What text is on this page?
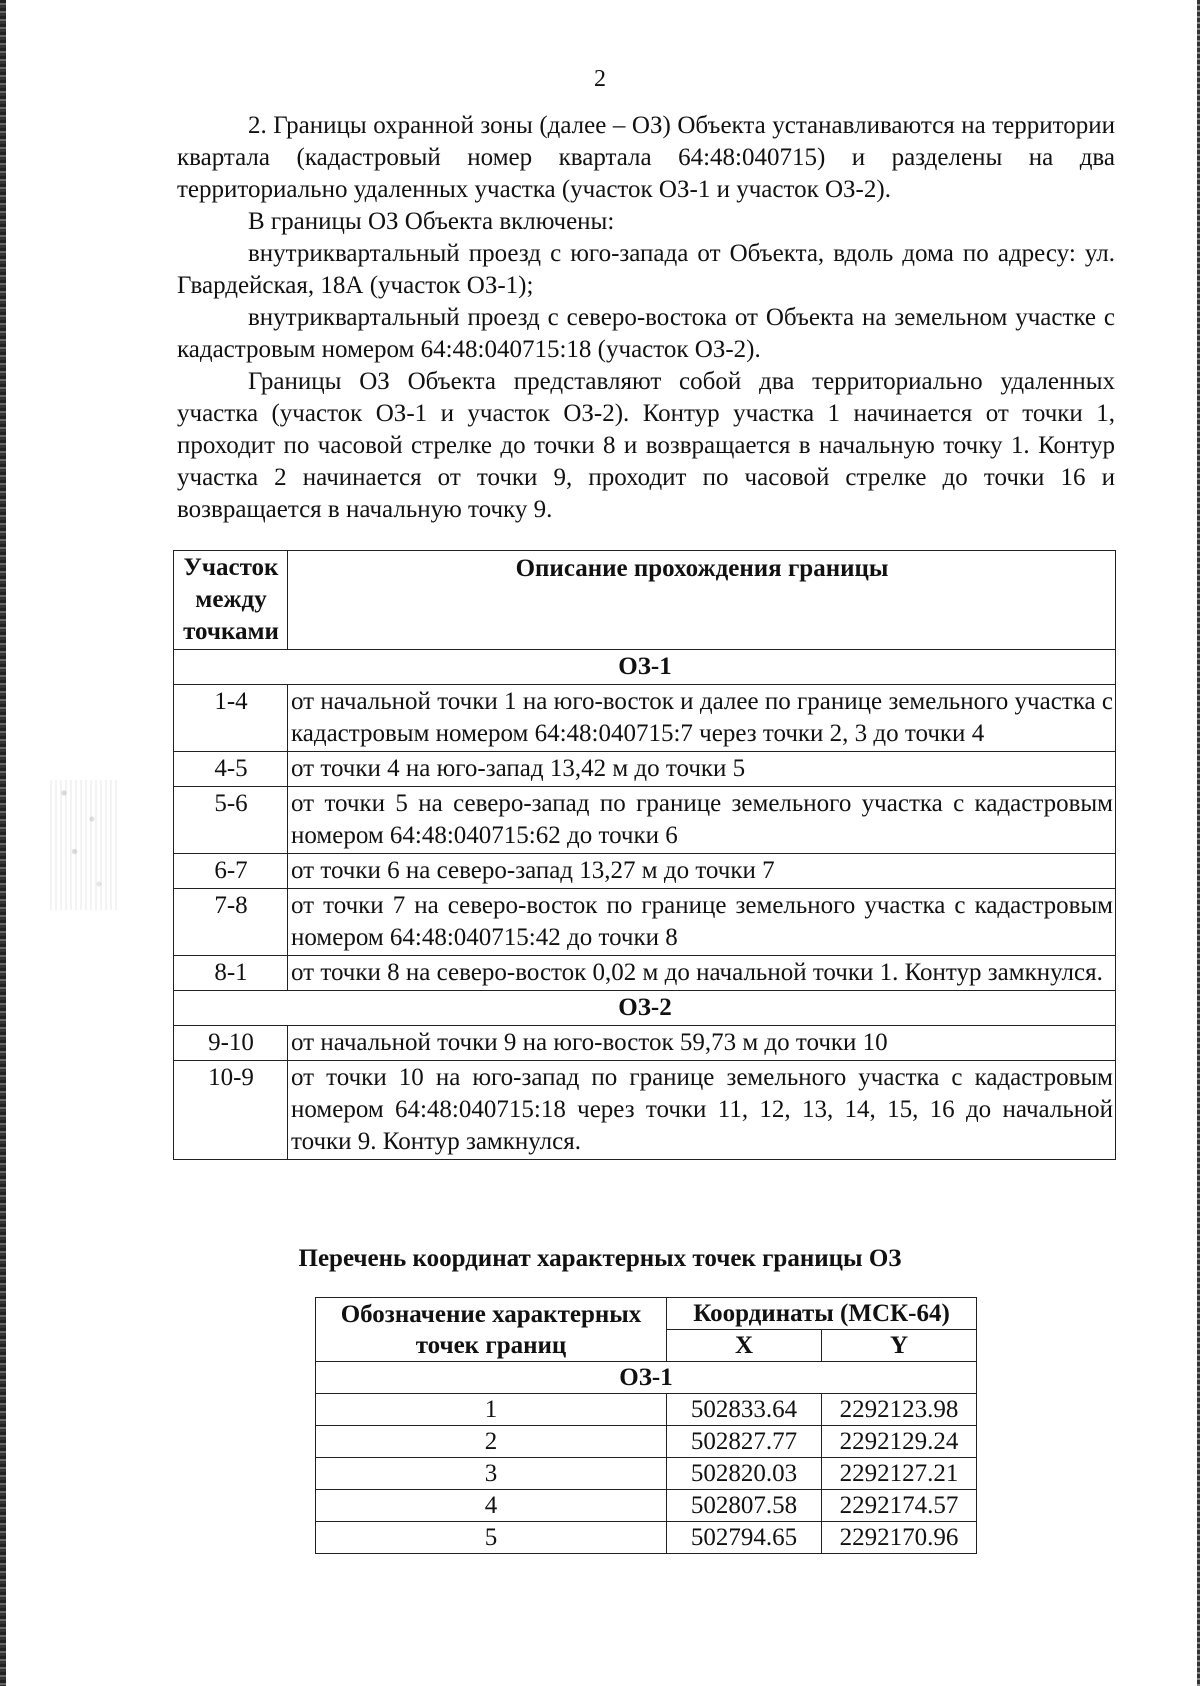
2

2. Границы охранной зоны (далее – ОЗ) Объекта устанавливаются на территории квартала (кадастровый номер квартала 64:48:040715) и разделены на два территориально удаленных участка (участок ОЗ-1 и участок ОЗ-2).

В границы ОЗ Объекта включены:

внутриквартальный проезд с юго-запада от Объекта, вдоль дома по адресу: ул. Гвардейская, 18А (участок ОЗ-1);

внутриквартальный проезд с северо-востока от Объекта на земельном участке с кадастровым номером 64:48:040715:18 (участок ОЗ-2).

Границы ОЗ Объекта представляют собой два территориально удаленных участка (участок ОЗ-1 и участок ОЗ-2). Контур участка 1 начинается от точки 1, проходит по часовой стрелке до точки 8 и возвращается в начальную точку 1. Контур участка 2 начинается от точки 9, проходит по часовой стрелке до точки 16 и возвращается в начальную точку 9.

Участок между точками	Описание прохождения границы
ОЗ-1	
1-4	от начальной точки 1 на юго-восток и далее по границе земельного участка с кадастровым номером 64:48:040715:7 через точки 2, 3 до точки 4
4-5	от точки 4 на юго-запад 13,42 м до точки 5
5-6	от точки 5 на северо-запад по границе земельного участка с кадастровым номером 64:48:040715:62 до точки 6
6-7	от точки 6 на северо-запад 13,27 м до точки 7
7-8	от точки 7 на северо-восток по границе земельного участка с кадастровым номером 64:48:040715:42 до точки 8
8-1	от точки 8 на северо-восток 0,02 м до начальной точки 1. Контур замкнулся.
ОЗ-2	
9-10	от начальной точки 9 на юго-восток 59,73 м до точки 10
10-9	от точки 10 на юго-запад по границе земельного участка с кадастровым номером 64:48:040715:18 через точки 11, 12, 13, 14, 15, 16 до начальной точки 9. Контур замкнулся.
Перечень координат характерных точек границы ОЗ
Обозначение характерных точек границ	Координаты (МСК-64)	
	X	Y
ОЗ-1		
1	502833.64	2292123.98
2	502827.77	2292129.24
3	502820.03	2292127.21
4	502807.58	2292174.57
5	502794.65	2292170.96
